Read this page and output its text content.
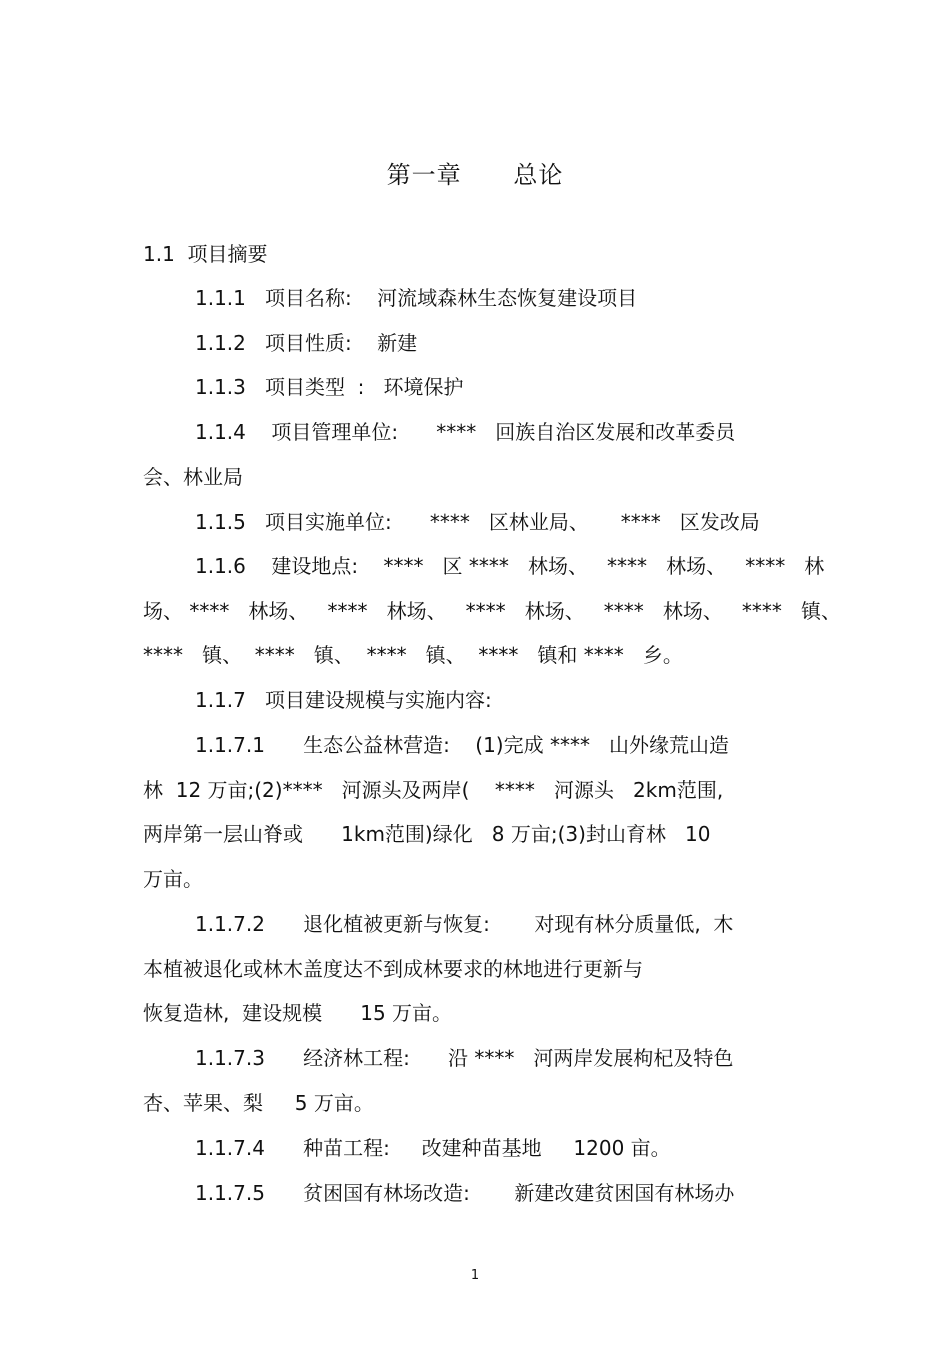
第一章      总论
1.1  项目摘要
1.1.1   项目名称:    河流域森林生态恢复建设项目
1.1.2   项目性质:    新建
1.1.3   项目类型  :   环境保护
1.1.4    项目管理单位:      ****   回族自治区发展和改革委员
会、林业局
1.1.5   项目实施单位:      ****   区林业局、     ****   区发改局
1.1.6    建设地点:    ****   区 ****   林场、   ****   林场、   ****   林
场、 ****   林场、   ****   林场、   ****   林场、   ****   林场、   ****   镇、
****   镇、  ****   镇、  ****   镇、  ****   镇和 ****   乡。
1.1.7   项目建设规模与实施内容:
1.1.7.1      生态公益林营造:    (1)完成 ****   山外缘荒山造
林  12 万亩;(2)****   河源头及两岸(    ****   河源头   2km范围,
两岸第一层山脊或      1km范围)绿化   8 万亩;(3)封山育林   10
万亩。
1.1.7.2      退化植被更新与恢复:       对现有林分质量低,  木
本植被退化或林木盖度达不到成林要求的林地进行更新与
恢复造林,  建设规模      15 万亩。
1.1.7.3      经济林工程:      沿 ****   河两岸发展枸杞及特色
杏、苹果、梨     5 万亩。
1.1.7.4      种苗工程:     改建种苗基地     1200 亩。
1.1.7.5      贫困国有林场改造:       新建改建贫困国有林场办
1
